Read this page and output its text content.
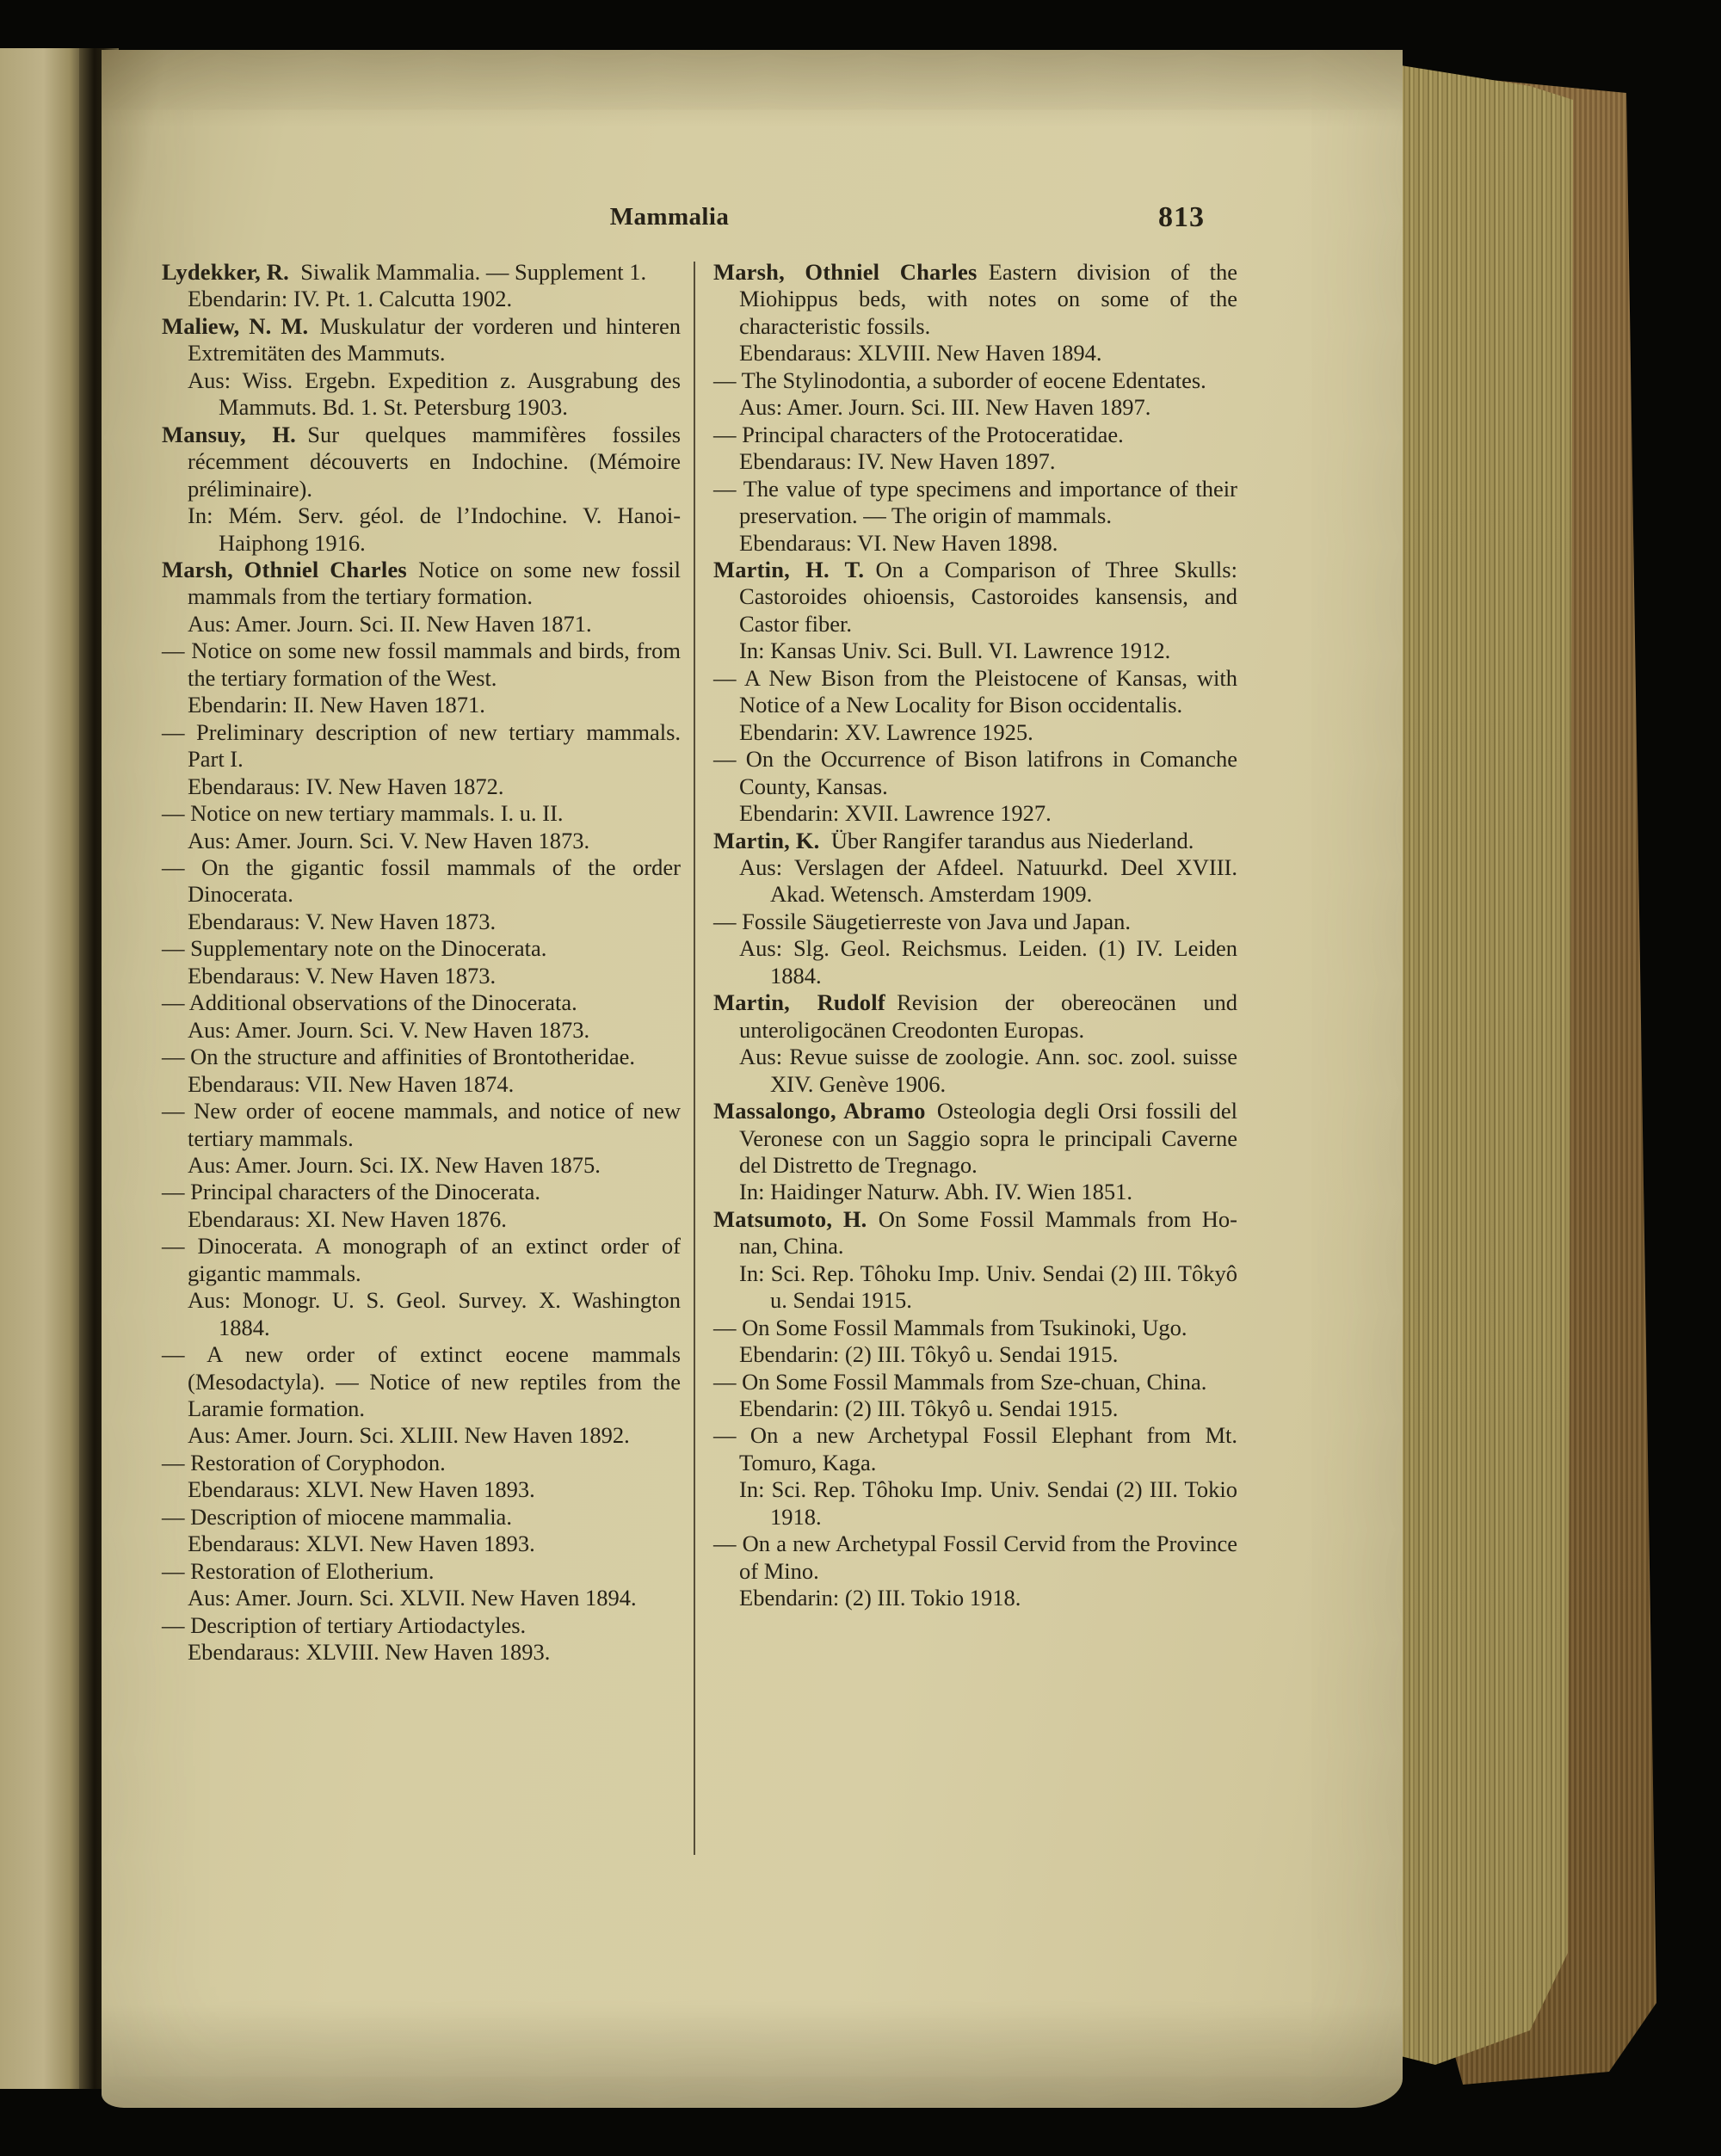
Mammalia	813

Lydekker, R. Siwalik Mammalia. — Supplement 1.

Ebendarin: IV. Pt. 1. Calcutta 1902.

Maliew, N. M. Muskulatur der vorderen und hinteren Extremitäten des Mammuts.

Aus: Wiss. Ergebn. Expedition z. Ausgrabung des Mammuts. Bd. 1. St. Petersburg 1903.

Mansuy, H. Sur quelques mammifères fossiles récemment découverts en Indochine. (Mémoire préliminaire).

In: Mém. Serv. géol. de l’Indochine. V. Hanoi-Haiphong 1916.

Marsh, Othniel Charles Notice on some new fossil mammals from the tertiary formation.

Aus: Amer. Journ. Sci. II. New Haven 1871.

— Notice on some new fossil mammals and birds, from the tertiary formation of the West.

Ebendarin: II. New Haven 1871.

— Preliminary description of new tertiary mammals. Part I.

Ebendaraus: IV. New Haven 1872.

— Notice on new tertiary mammals. I. u. II.

Aus: Amer. Journ. Sci. V. New Haven 1873.

— On the gigantic fossil mammals of the order Dinocerata.

Ebendaraus: V. New Haven 1873.

— Supplementary note on the Dinocerata.

Ebendaraus: V. New Haven 1873.

— Additional observations of the Dinocerata.

Aus: Amer. Journ. Sci. V. New Haven 1873.

— On the structure and affinities of Brontotheridae.

Ebendaraus: VII. New Haven 1874.

— New order of eocene mammals, and notice of new tertiary mammals.

Aus: Amer. Journ. Sci. IX. New Haven 1875.

— Principal characters of the Dinocerata.

Ebendaraus: XI. New Haven 1876.

— Dinocerata. A monograph of an extinct order of gigantic mammals.

Aus: Monogr. U. S. Geol. Survey. X. Washington 1884.

— A new order of extinct eocene mammals (Mesodactyla). — Notice of new reptiles from the Laramie formation.

Aus: Amer. Journ. Sci. XLIII. New Haven 1892.

— Restoration of Coryphodon.

Ebendaraus: XLVI. New Haven 1893.

— Description of miocene mammalia.

Ebendaraus: XLVI. New Haven 1893.

— Restoration of Elotherium.

Aus: Amer. Journ. Sci. XLVII. New Haven 1894.

— Description of tertiary Artiodactyles.

Ebendaraus: XLVIII. New Haven 1893.

Marsh, Othniel Charles Eastern division of the Miohippus beds, with notes on some of the characteristic fossils.

Ebendaraus: XLVIII. New Haven 1894.

— The Stylinodontia, a suborder of eocene Edentates.

Aus: Amer. Journ. Sci. III. New Haven 1897.

— Principal characters of the Protoceratidae.

Ebendaraus: IV. New Haven 1897.

— The value of type specimens and importance of their preservation. — The origin of mammals.

Ebendaraus: VI. New Haven 1898.

Martin, H. T. On a Comparison of Three Skulls: Castoroides ohioensis, Castoroides kansensis, and Castor fiber.

In: Kansas Univ. Sci. Bull. VI. Lawrence 1912.

— A New Bison from the Pleistocene of Kansas, with Notice of a New Locality for Bison occidentalis.

Ebendarin: XV. Lawrence 1925.

— On the Occurrence of Bison latifrons in Comanche County, Kansas.

Ebendarin: XVII. Lawrence 1927.

Martin, K. Über Rangifer tarandus aus Niederland.

Aus: Verslagen der Afdeel. Natuurkd. Deel XVIII. Akad. Wetensch. Amsterdam 1909.

— Fossile Säugetierreste von Java und Japan.

Aus: Slg. Geol. Reichsmus. Leiden. (1) IV. Leiden 1884.

Martin, Rudolf Revision der obereocänen und unteroligocänen Creodonten Europas.

Aus: Revue suisse de zoologie. Ann. soc. zool. suisse XIV. Genève 1906.

Massalongo, Abramo Osteologia degli Orsi fossili del Veronese con un Saggio sopra le principali Caverne del Distretto de Tregnago.

In: Haidinger Naturw. Abh. IV. Wien 1851.

Matsumoto, H. On Some Fossil Mammals from Ho-nan, China.

In: Sci. Rep. Tôhoku Imp. Univ. Sendai (2) III. Tôkyô u. Sendai 1915.

— On Some Fossil Mammals from Tsukinoki, Ugo.

Ebendarin: (2) III. Tôkyô u. Sendai 1915.

— On Some Fossil Mammals from Sze-chuan, China.

Ebendarin: (2) III. Tôkyô u. Sendai 1915.

— On a new Archetypal Fossil Elephant from Mt. Tomuro, Kaga.

In: Sci. Rep. Tôhoku Imp. Univ. Sendai (2) III. Tokio 1918.

— On a new Archetypal Fossil Cervid from the Province of Mino.

Ebendarin: (2) III. Tokio 1918.
